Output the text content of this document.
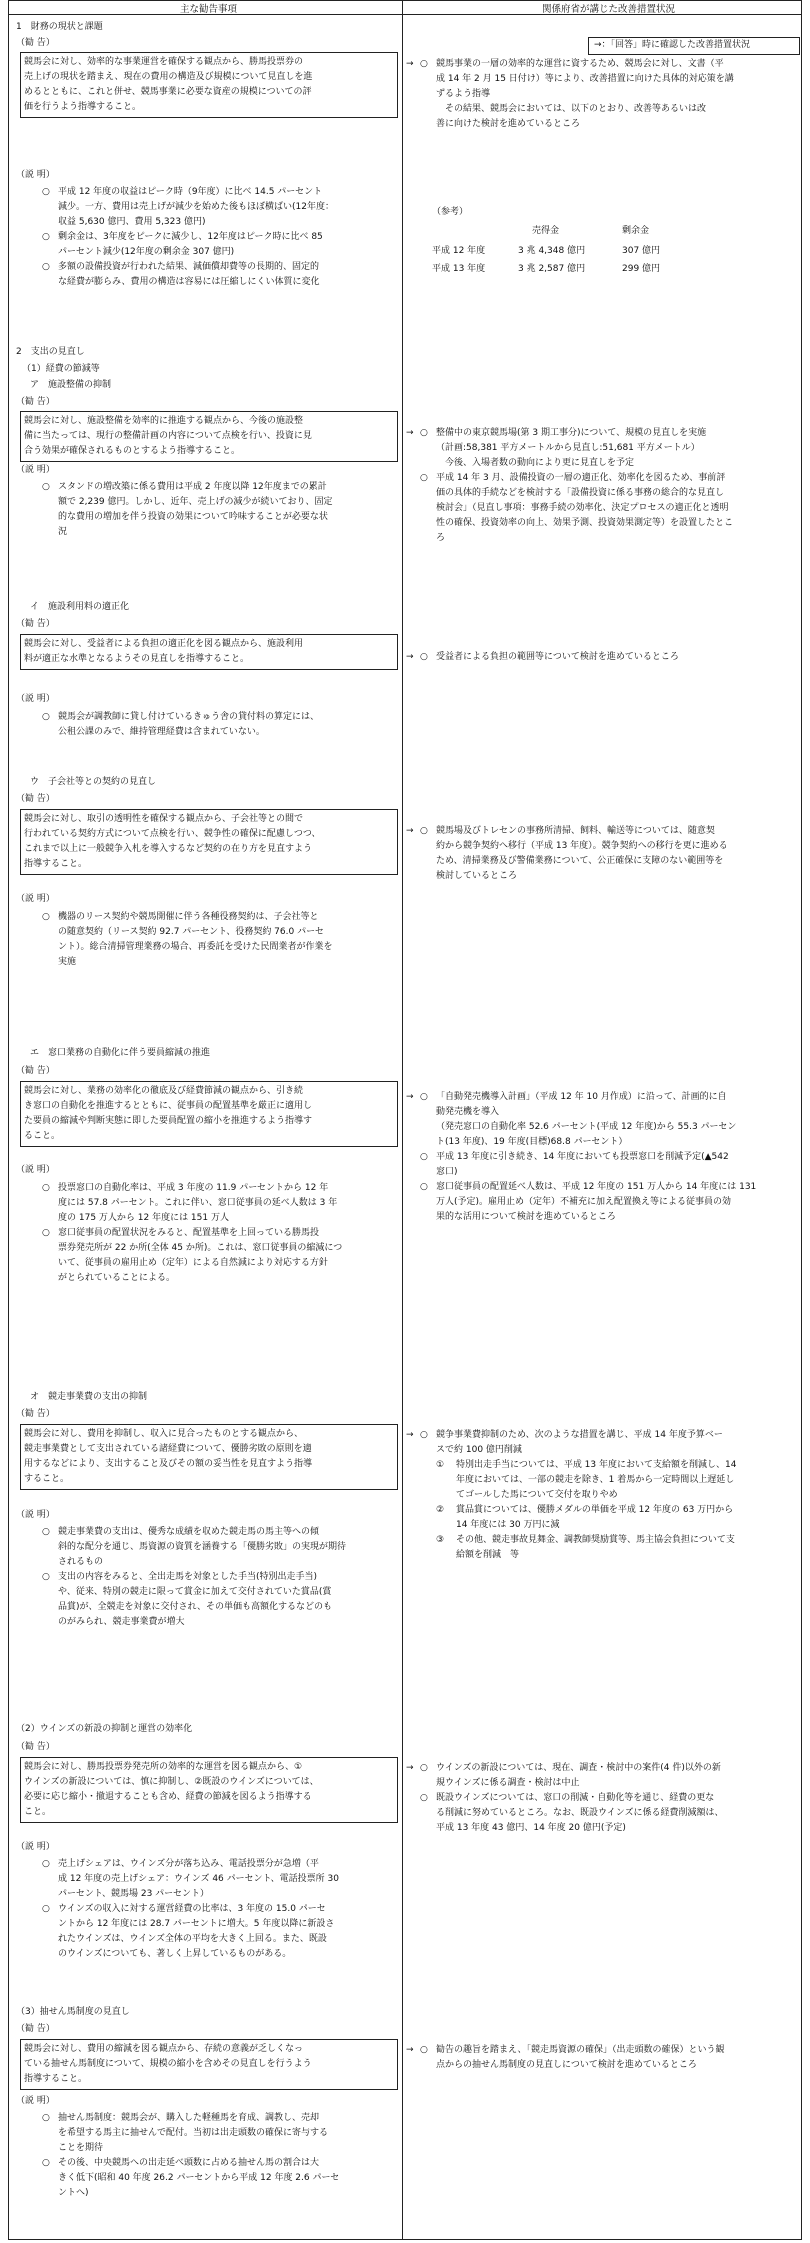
主な勧告事項	関係府省が講じた改善措置状況
→：「回答」時に確認した改善措置状況
1　財務の現状と課題
（勧 告）
競馬会に対し、効率的な事業運営を確保する観点から、勝馬投票券の
売上げの現状を踏まえ、現在の費用の構造及び規模について見直しを進
めるとともに、これと併せ、競馬事業に必要な資産の規模についての評
価を行うよう指導すること。
（説 明）
○ 平成 12 年度の収益はピーク時（9年度）に比べ 14.5 パーセント
減少。一方、費用は売上げが減少を始めた後もほぼ横ばい(12年度：
収益 5,630 億円、費用 5,323 億円)
○ 剰余金は、3年度をピークに減少し、12年度はピーク時に比べ 85
パーセント減少(12年度の剰余金 307 億円)
○ 多額の設備投資が行われた結果、減価償却費等の長期的、固定的
な経費が膨らみ、費用の構造は容易には圧縮しにくい体質に変化
→ ○ 競馬事業の一層の効率的な運営に資するため、競馬会に対し、文書（平
成 14 年 2 月 15 日付け）等により、改善措置に向けた具体的対応策を講
ずるよう指導
　その結果、競馬会においては、以下のとおり、改善等あるいは改
善に向けた検討を進めているところ
（参考）
売得金	剰余金
平成 12 年度	3 兆 4,348 億円	307 億円
平成 13 年度	3 兆 2,587 億円	299 億円
2　支出の見直し
（1）経費の節減等
ア　施設整備の抑制
（勧 告）
競馬会に対し、施設整備を効率的に推進する観点から、今後の施設整
備に当たっては、現行の整備計画の内容について点検を行い、投資に見
合う効果が確保されるものとするよう指導すること。
（説 明）
○ スタンドの増改築に係る費用は平成 2 年度以降 12年度までの累計
額で 2,239 億円。しかし、近年、売上げの減少が続いており、固定
的な費用の増加を伴う投資の効果について吟味することが必要な状
況
→ ○ 整備中の東京競馬場(第 3 期工事分)について、規模の見直しを実施
（計画:58,381 平方メートルから見直し:51,681 平方メートル）
　今後、入場者数の動向により更に見直しを予定
○ 平成 14 年 3 月、設備投資の一層の適正化、効率化を図るため、事前評
価の具体的手続などを検討する「設備投資に係る事務の総合的な見直し
検討会」（見直し事項：事務手続の効率化、決定プロセスの適正化と透明
性の確保、投資効率の向上、効果予測、投資効果測定等）を設置したとこ
ろ
イ　施設利用料の適正化
（勧 告）
競馬会に対し、受益者による負担の適正化を図る観点から、施設利用
料が適正な水準となるようその見直しを指導すること。
（説 明）
○ 競馬会が調教師に貸し付けているきゅう舎の貸付料の算定には、
公租公課のみで、維持管理経費は含まれていない。
→ ○ 受益者による負担の範囲等について検討を進めているところ
ウ　子会社等との契約の見直し
（勧 告）
競馬会に対し、取引の透明性を確保する観点から、子会社等との間で
行われている契約方式について点検を行い、競争性の確保に配慮しつつ、
これまで以上に一般競争入札を導入するなど契約の在り方を見直すよう
指導すること。
（説 明）
○ 機器のリース契約や競馬開催に伴う各種役務契約は、子会社等と
の随意契約（リース契約 92.7 パーセント、役務契約 76.0 パーセ
ント）。総合清掃管理業務の場合、再委託を受けた民間業者が作業を
実施
→ ○ 競馬場及びトレセンの事務所清掃、飼料、輸送等については、随意契
約から競争契約へ移行（平成 13 年度）。競争契約への移行を更に進める
ため、清掃業務及び警備業務について、公正確保に支障のない範囲等を
検討しているところ
エ　窓口業務の自動化に伴う要員縮減の推進
（勧 告）
競馬会に対し、業務の効率化の徹底及び経費節減の観点から、引き続
き窓口の自動化を推進するとともに、従事員の配置基準を厳正に適用し
た要員の縮減や判断実態に即した要員配置の縮小を推進するよう指導す
ること。
（説 明）
○ 投票窓口の自動化率は、平成 3 年度の 11.9 パーセントから 12 年
度には 57.8 パーセント。これに伴い、窓口従事員の延べ人数は 3 年
度の 175 万人から 12 年度には 151 万人
○ 窓口従事員の配置状況をみると、配置基準を上回っている勝馬投
票券発売所が 22 か所(全体 45 か所)。これは、窓口従事員の縮減につ
いて、従事員の雇用止め（定年）による自然減により対応する方針
がとられていることによる。
→ ○ 「自動発売機導入計画」（平成 12 年 10 月作成）に沿って、計画的に自
動発売機を導入
（発売窓口の自動化率 52.6 パーセント(平成 12 年度)から 55.3 パーセン
ト(13 年度)、19 年度(目標)68.8 パーセント）
○ 平成 13 年度に引き続き、14 年度においても投票窓口を削減予定(▲542
窓口)
○ 窓口従事員の配置延べ人数は、平成 12 年度の 151 万人から 14 年度には 131
万人(予定)。雇用止め（定年）不補充に加え配置換え等による従事員の効
果的な活用について検討を進めているところ
オ　競走事業費の支出の抑制
（勧 告）
競馬会に対し、費用を抑制し、収入に見合ったものとする観点から、
競走事業費として支出されている諸経費について、優勝劣敗の原則を適
用するなどにより、支出すること及びその額の妥当性を見直すよう指導
すること。
（説 明）
○ 競走事業費の支出は、優秀な成績を収めた競走馬の馬主等への傾
斜的な配分を通じ、馬資源の資質を涵養する「優勝劣敗」の実現が期待
されるもの
○ 支出の内容をみると、全出走馬を対象とした手当(特別出走手当)
や、従来、特別の競走に限って賞金に加えて交付されていた賞品(賞
品賞)が、全競走を対象に交付され、その単価も高額化するなどのも
のがみられ、競走事業費が増大
→ ○ 競争事業費抑制のため、次のような措置を講じ、平成 14 年度予算ベー
スで約 100 億円削減
① 特別出走手当については、平成 13 年度において支給額を削減し、14
年度においては、一部の競走を除き、1 着馬から一定時間以上遅延し
てゴールした馬について交付を取りやめ
② 賞品賞については、優勝メダルの単価を平成 12 年度の 63 万円から
14 年度には 30 万円に減
③ その他、競走事故見舞金、調教師奨励賞等、馬主協会負担について支
給額を削減　等
（2）ウインズの新設の抑制と運営の効率化
（勧 告）
競馬会に対し、勝馬投票券発売所の効率的な運営を図る観点から、①
ウインズの新設については、慎に抑制し、②既設のウインズについては、
必要に応じ縮小・撤退することも含め、経費の節減を図るよう指導する
こと。
（説 明）
○ 売上げシェアは、ウインズ分が落ち込み、電話投票分が急増（平
成 12 年度の売上げシェア：ウインズ 46 パーセント、電話投票所 30
パーセント、競馬場 23 パーセント）
○ ウインズの収入に対する運営経費の比率は、3 年度の 15.0 パーセ
ントから 12 年度には 28.7 パーセントに増大。5 年度以降に新設さ
れたウインズは、ウインズ全体の平均を大きく上回る。また、既設
のウインズについても、著しく上昇しているものがある。
→ ○ ウインズの新設については、現在、調査・検討中の案件(4 件)以外の新
規ウインズに係る調査・検討は中止
○ 既設ウインズについては、窓口の削減・自動化等を通じ、経費の更な
る削減に努めているところ。なお、既設ウインズに係る経費削減額は、
平成 13 年度 43 億円、14 年度 20 億円(予定)
（3）抽せん馬制度の見直し
（勧 告）
競馬会に対し、費用の縮減を図る観点から、存続の意義が乏しくなっ
ている抽せん馬制度について、規模の縮小を含めその見直しを行うよう
指導すること。
（説 明）
○ 抽せん馬制度：競馬会が、購入した軽種馬を育成、調教し、売却
を希望する馬主に抽せんで配付。当初は出走頭数の確保に寄与する
ことを期待
○ その後、中央競馬への出走延べ頭数に占める抽せん馬の割合は大
きく低下(昭和 40 年度 26.2 パーセントから平成 12 年度 2.6 パーセ
ントへ)
→ ○ 勧告の趣旨を踏まえ、「競走馬資源の確保」（出走頭数の確保）という観
点からの抽せん馬制度の見直しについて検討を進めているところ
